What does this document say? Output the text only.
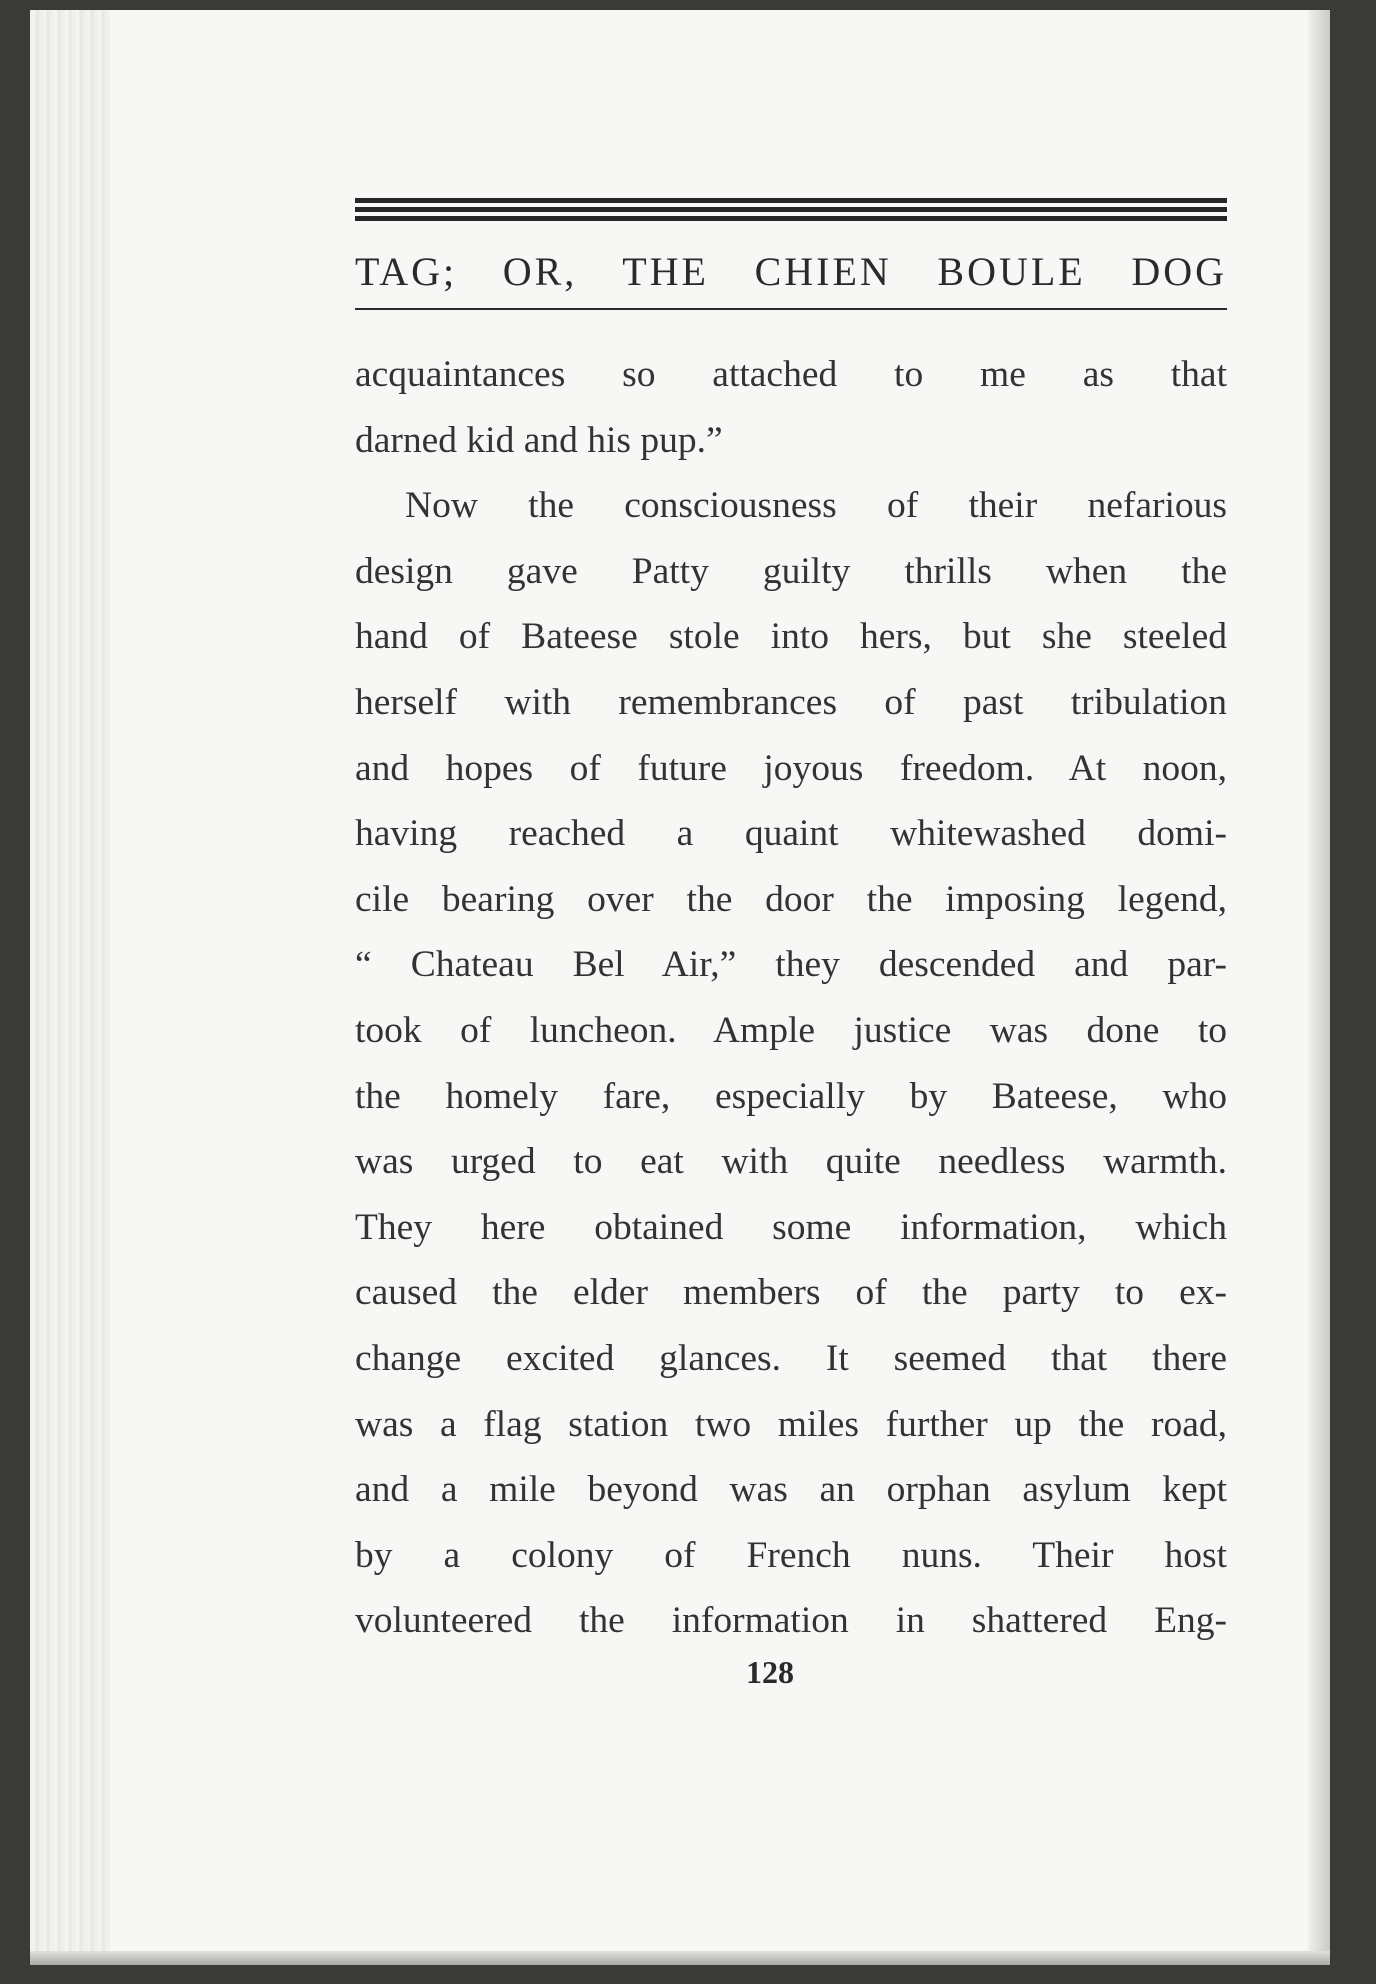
TAG; OR, THE CHIEN BOULE DOG
acquaintances so attached to me as that
darned kid and his pup.”
Now the consciousness of their nefarious
design gave Patty guilty thrills when the
hand of Bateese stole into hers, but she steeled
herself with remembrances of past tribulation
and hopes of future joyous freedom. At noon,
having reached a quaint whitewashed domi-
cile bearing over the door the imposing legend,
“ Chateau Bel Air,” they descended and par-
took of luncheon. Ample justice was done to
the homely fare, especially by Bateese, who
was urged to eat with quite needless warmth.
They here obtained some information, which
caused the elder members of the party to ex-
change excited glances. It seemed that there
was a flag station two miles further up the road,
and a mile beyond was an orphan asylum kept
by a colony of French nuns. Their host
volunteered the information in shattered Eng-
128
